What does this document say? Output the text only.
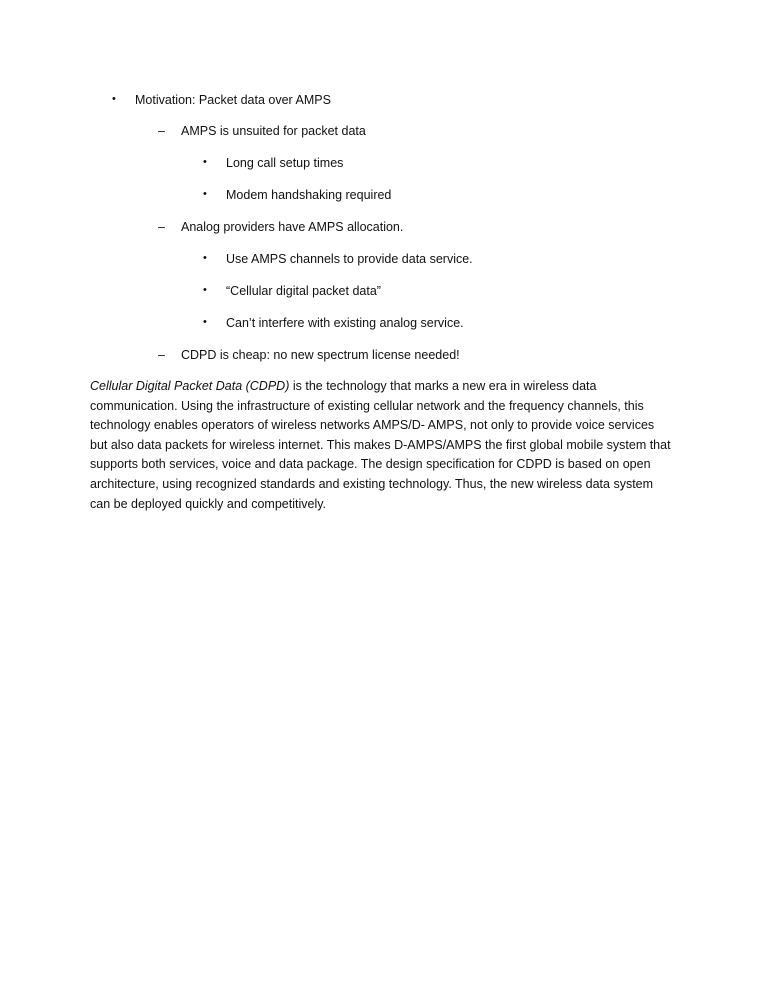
• Motivation: Packet data over AMPS
– AMPS is unsuited for packet data
• Long call setup times
• Modem handshaking required
– Analog providers have AMPS allocation.
• Use AMPS channels to provide data service.
• “Cellular digital packet data”
• Can’t interfere with existing analog service.
– CDPD is cheap: no new spectrum license needed!
Cellular Digital Packet Data (CDPD) is the technology that marks a new era in wireless data
communication. Using the infrastructure of existing cellular network and the frequency channels, this
technology enables operators of wireless networks AMPS/D- AMPS, not only to provide voice services
but also data packets for wireless internet. This makes D-AMPS/AMPS the first global mobile system that
supports both services, voice and data package. The design specification for CDPD is based on open
architecture, using recognized standards and existing technology. Thus, the new wireless data system
can be deployed quickly and competitively.
